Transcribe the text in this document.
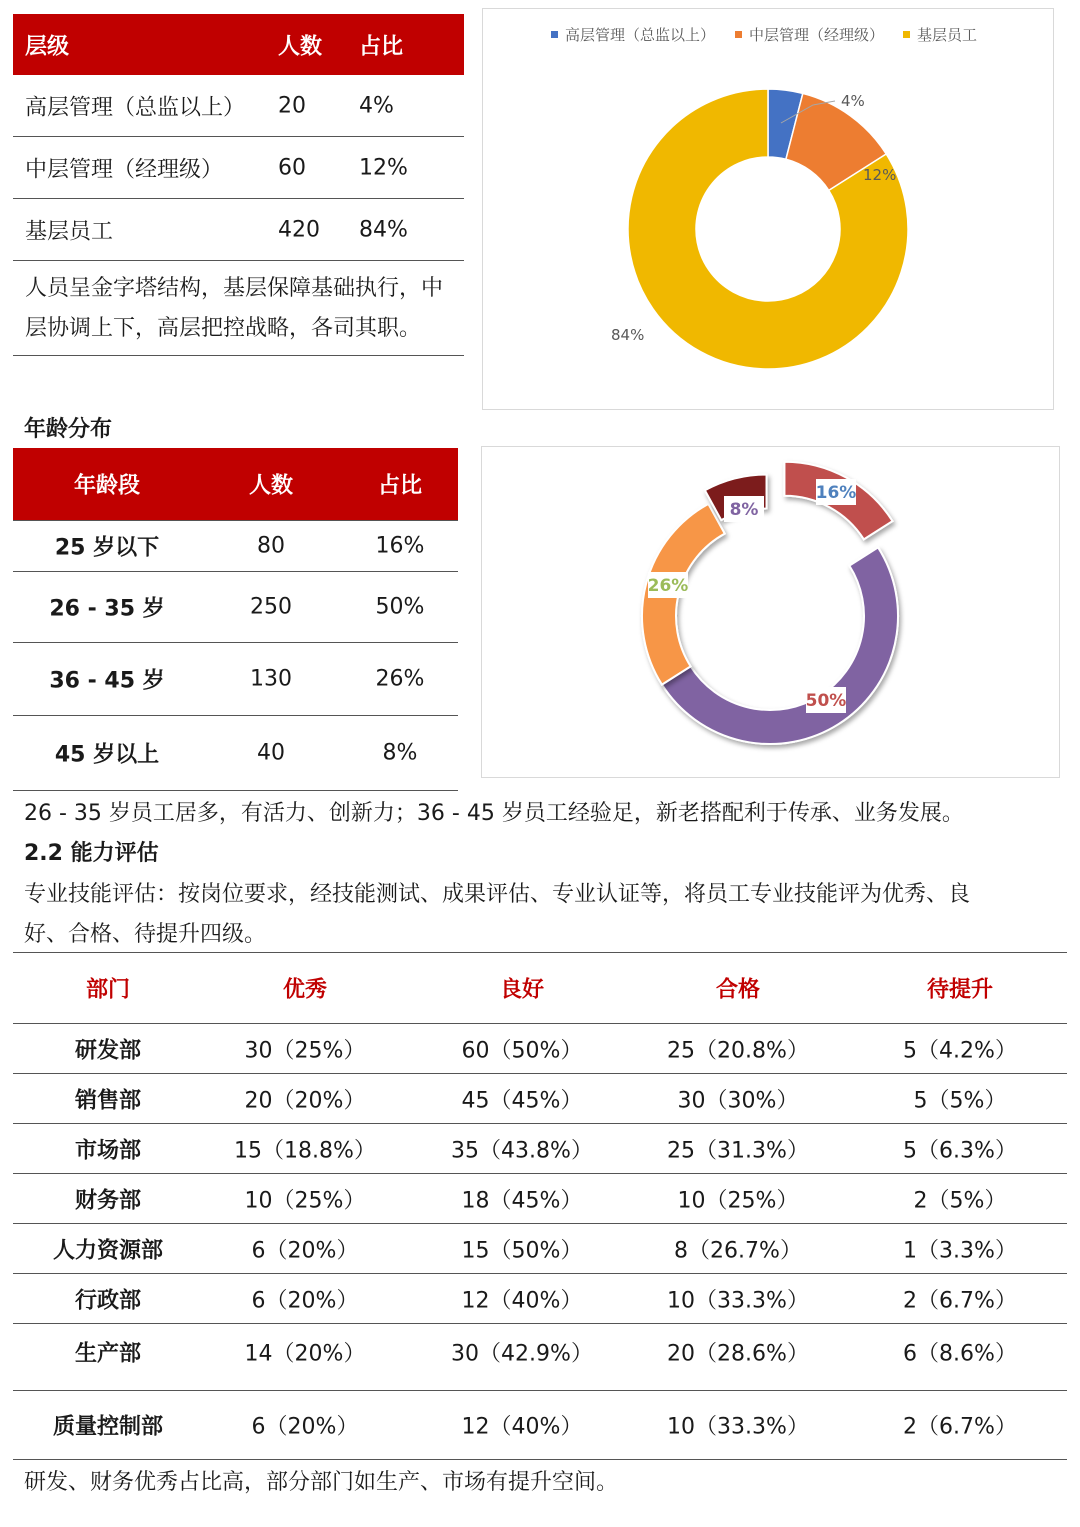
层级	人数 占比
高层管理（总监以上） 20 4%
中层管理（经理级） 60 12%
基层员工	420 84%
人员呈金字塔结构，基层保障基础执行，中层协调上下，高层把控战略，各司其职。
高层管理（总监以上） 中层管理（经理级） 基层员工
4%
12%
84%
年龄分布
年龄段	人数	占比
25 岁以下	80	16%
26 - 35 岁	250	50%
36 - 45 岁	130	26%
45 岁以上	40	8%
16%
50%
26%
8%
26 - 35 岁员工居多，有活力、创新力；36 - 45 岁员工经验足，新老搭配利于传承、业务发展。
2.2 能力评估
专业技能评估：按岗位要求，经技能测试、成果评估、专业认证等，将员工专业技能评为优秀、良
好、合格、待提升四级。
部门	优秀	良好	合格	待提升
研发部	30（25%）	60（50%）	25（20.8%）	5（4.2%）
销售部	20（20%）	45（45%）	30（30%）	5（5%）
市场部	15（18.8%）	35（43.8%）	25（31.3%）	5（6.3%）
财务部	10（25%）	18（45%）	10（25%）	2（5%）
人力资源部	6（20%）	15（50%）	8（26.7%）	1（3.3%）
行政部	6（20%）	12（40%）	10（33.3%）	2（6.7%）
生产部	14（20%）	30（42.9%）	20（28.6%）	6（8.6%）
质量控制部	6（20%）	12（40%）	10（33.3%）	2（6.7%）
研发、财务优秀占比高，部分部门如生产、市场有提升空间。
